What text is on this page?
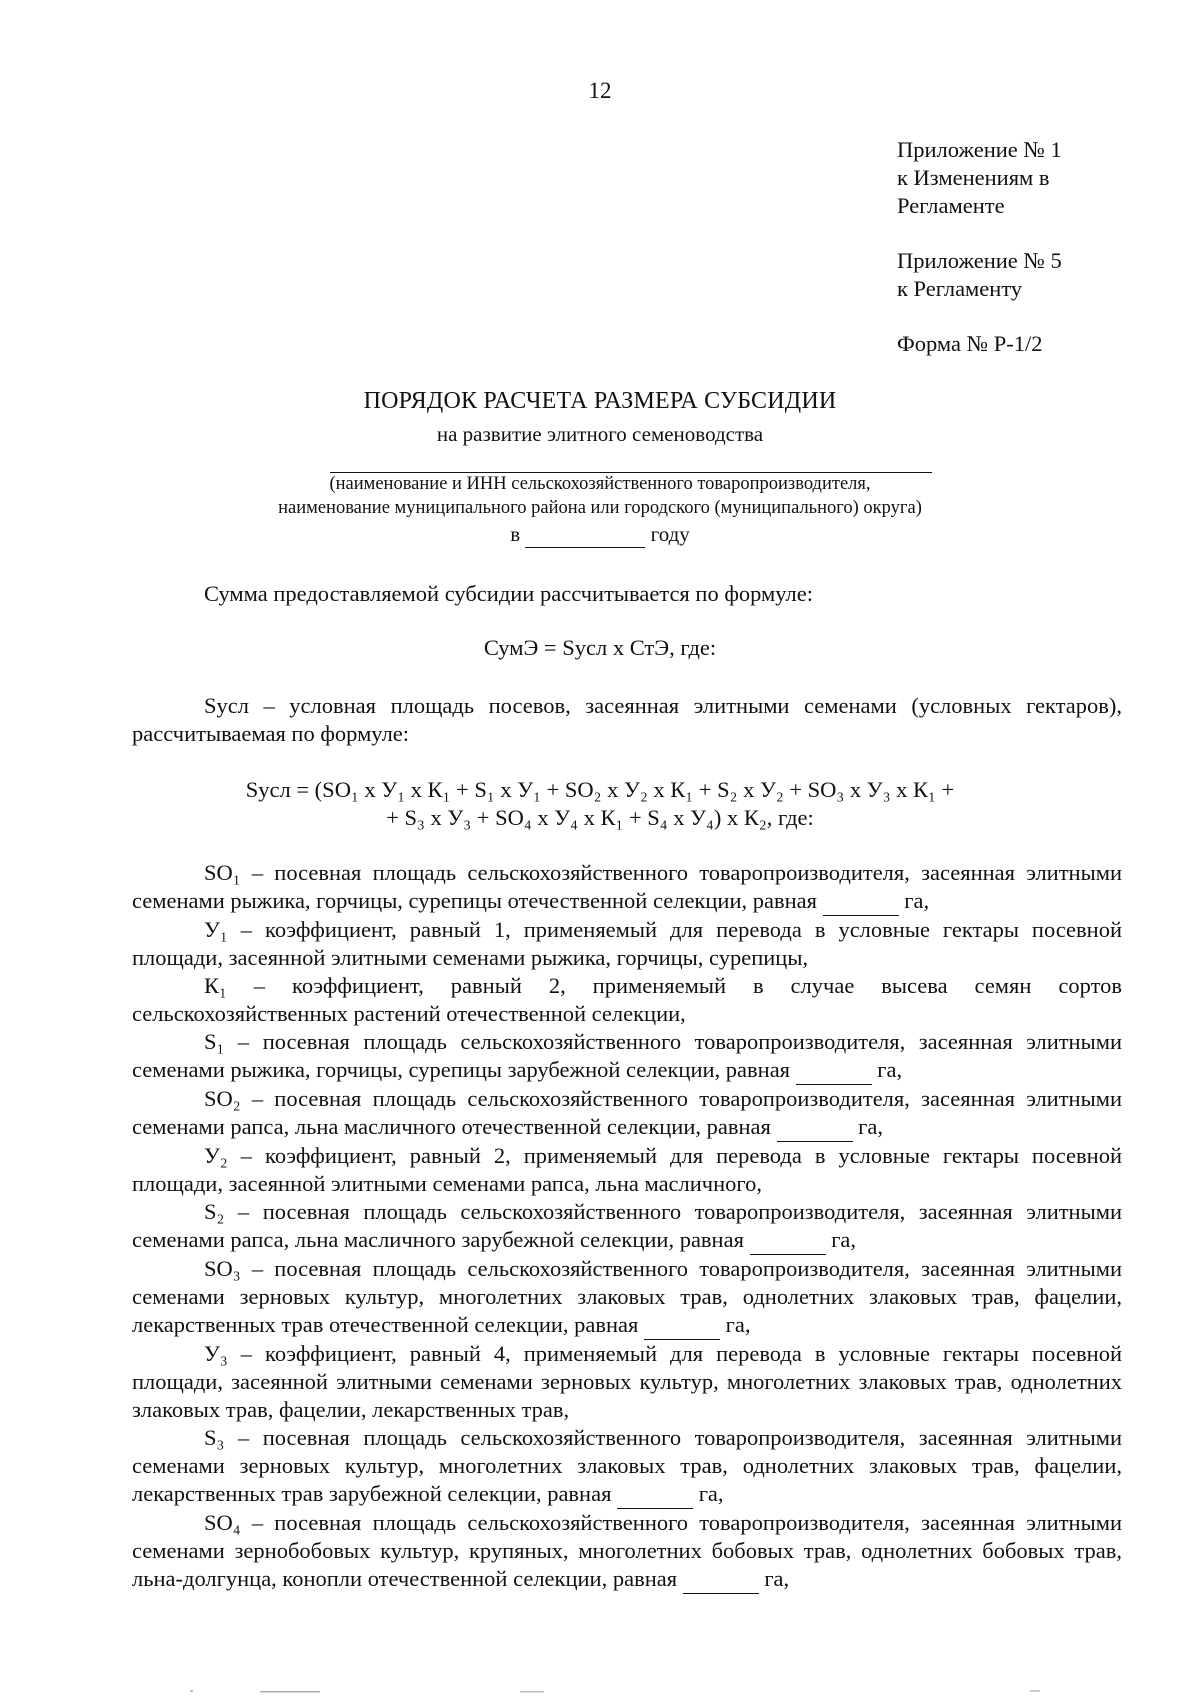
12
Приложение № 1
к Изменениям в
Регламенте
Приложение № 5
к Регламенту
Форма № Р-1/2
ПОРЯДОК РАСЧЕТА РАЗМЕРА СУБСИДИИ
на развитие элитного семеноводства
(наименование и ИНН сельскохозяйственного товаропроизводителя,
наименование муниципального района или городского (муниципального) округа)
в	году
Сумма предоставляемой субсидии рассчитывается по формуле:
СумЭ = Sусл х СтЭ, где:
Sусл – условная площадь посевов, засеянная элитными семенами (условных гектаров),
рассчитываемая по формуле:
Sусл = (SO₁ х У₁ х К₁ + S₁ х У₁ + SO₂ х У₂ х К₁ + S₂ х У₂ + SO₃ х У₃ х К₁ +
+ S₃ х У₃ + SO₄ х У₄ х К₁ + S₄ х У₄) х К₂, где:
SO₁ – посевная площадь сельскохозяйственного товаропроизводителя, засеянная элитными семенами рыжика, горчицы, сурепицы отечественной селекции, равная	га,
У₁ – коэффициент, равный 1, применяемый для перевода в условные гектары посевной площади, засеянной элитными семенами рыжика, горчицы, сурепицы,
К₁ – коэффициент, равный 2, применяемый в случае высева семян сортов сельскохозяйственных растений отечественной селекции,
S₁ – посевная площадь сельскохозяйственного товаропроизводителя, засеянная элитными семенами рыжика, горчицы, сурепицы зарубежной селекции, равная	га,
SO₂ – посевная площадь сельскохозяйственного товаропроизводителя, засеянная элитными семенами рапса, льна масличного отечественной селекции, равная	га,
У₂ – коэффициент, равный 2, применяемый для перевода в условные гектары посевной площади, засеянной элитными семенами рапса, льна масличного,
S₂ – посевная площадь сельскохозяйственного товаропроизводителя, засеянная элитными семенами рапса, льна масличного зарубежной селекции, равная	га,
SO₃ – посевная площадь сельскохозяйственного товаропроизводителя, засеянная элитными семенами зерновых культур, многолетних злаковых трав, однолетних злаковых трав, фацелии, лекарственных трав отечественной селекции, равная	га,
У₃ – коэффициент, равный 4, применяемый для перевода в условные гектары посевной площади, засеянной элитными семенами зерновых культур, многолетних злаковых трав, однолетних злаковых трав, фацелии, лекарственных трав,
S₃ – посевная площадь сельскохозяйственного товаропроизводителя, засеянная элитными семенами зерновых культур, многолетних злаковых трав, однолетних злаковых трав, фацелии, лекарственных трав зарубежной селекции, равная	га,
SO₄ – посевная площадь сельскохозяйственного товаропроизводителя, засеянная элитными семенами зернобобовых культур, крупяных, многолетних бобовых трав, однолетних бобовых трав, льна-долгунца, конопли отечественной селекции, равная	га,
